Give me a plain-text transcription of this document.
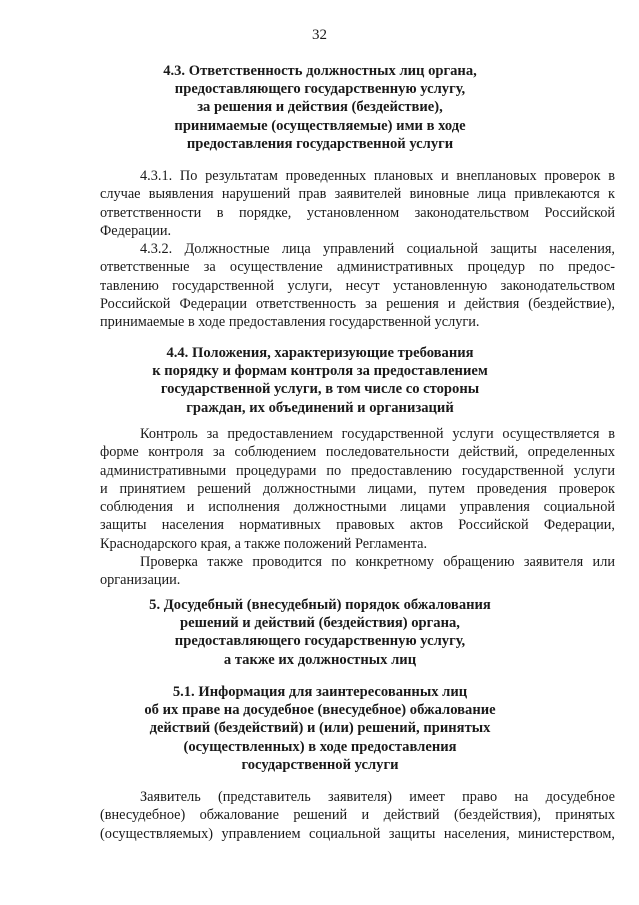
32
4.3. Ответственность должностных лиц органа,
предоставляющего государственную услугу,
за решения и действия (бездействие),
принимаемые (осуществляемые) ими в ходе
предоставления государственной услуги
4.3.1. По результатам проведенных плановых и внеплановых проверок в
случае выявления нарушений прав заявителей виновные лица привлекаются к
ответственности в порядке, установленном законодательством Российской
Федерации.
4.3.2. Должностные лица управлений социальной защиты населения,
ответственные за осуществление административных процедур по предос-
тавлению государственной услуги, несут установленную законодательством
Российской Федерации ответственность за решения и действия (бездействие),
принимаемые в ходе предоставления государственной услуги.
4.4. Положения, характеризующие требования
к порядку и формам контроля за предоставлением
государственной услуги, в том числе со стороны
граждан, их объединений и организаций
Контроль за предоставлением государственной услуги осуществляется в
форме контроля за соблюдением последовательности действий, определенных
административными процедурами по предоставлению государственной услуги
и принятием решений должностными лицами, путем проведения проверок
соблюдения и исполнения должностными лицами управления социальной
защиты населения нормативных правовых актов Российской Федерации,
Краснодарского края, а также положений Регламента.
Проверка также проводится по конкретному обращению заявителя или
организации.
5. Досудебный (внесудебный) порядок обжалования
решений и действий (бездействия) органа,
предоставляющего государственную услугу,
а также их должностных лиц
5.1. Информация для заинтересованных лиц
об их праве на досудебное (внесудебное) обжалование
действий (бездействий) и (или) решений, принятых
(осуществленных) в ходе предоставления
государственной услуги
Заявитель (представитель заявителя) имеет право на досудебное
(внесудебное) обжалование решений и действий (бездействия), принятых
(осуществляемых) управлением социальной защиты населения, министерством,
